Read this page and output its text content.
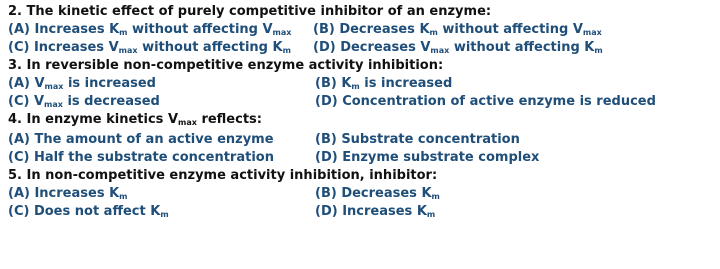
2. The kinetic effect of purely competitive inhibitor of an enzyme:
(A) Increases $K_m$ without affecting $V_{max}$ (B) Decreases $K_m$ without affecting $V_{max}$
(C) Increases $V_{max}$ without affecting $K_m$ (D) Decreases $V_{max}$ without affecting $K_m$
3. In reversible non-competitive enzyme activity inhibition:
(A) $V_{max}$ is increased	(B) $K_m$ is increased
(C) $V_{max}$ is decreased	(D) Concentration of active enzyme is reduced
4. In enzyme kinetics $V_{max}$ reflects:
(A) The amount of an active enzyme	(B) Substrate concentration
(C) Half the substrate concentration	(D) Enzyme substrate complex
5. In non-competitive enzyme activity inhibition, inhibitor:
(A) Increases $K_m$	(B) Decreases $K_m$
(C) Does not affect $K_m$	(D) Increases $K_m$
